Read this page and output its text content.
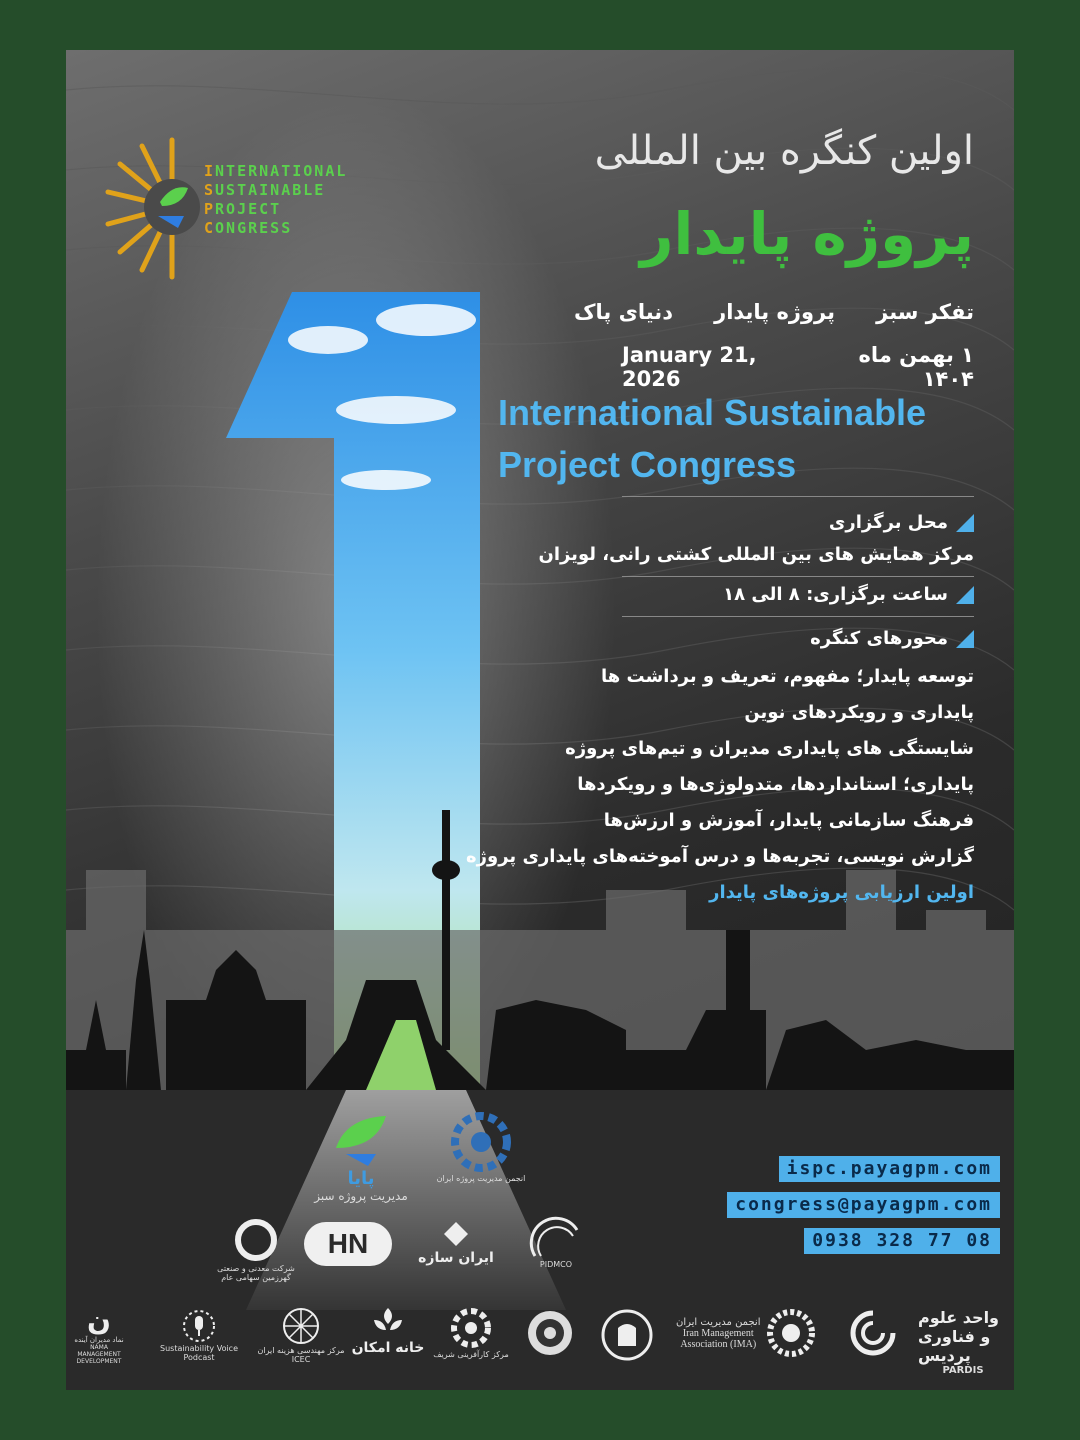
INTERNATIONAL
SUSTAINABLE
PROJECT
CONGRESS
اولین کنگره بین المللی
پروژه پایدار
تفکر سبز
پروژه پایدار
دنیای پاک
January 21, 2026
۱ بهمن ماه ۱۴۰۴
International Sustainable
Project Congress
محل برگزاری
مرکز همایش های بین المللی کشتی رانی، لویزان
ساعت برگزاری: ۸ الی ۱۸
محورهای کنگره
توسعه پایدار؛ مفهوم، تعریف و برداشت ها
پایداری و رویکردهای نوین
شایستگی های پایداری مدیران و تیم‌های پروژه
پایداری؛ استانداردها، متدولوژی‌ها و رویکردها
فرهنگ سازمانی پایدار، آموزش و ارزش‌ها
گزارش نویسی، تجربه‌ها و درس آموخته‌های پایداری پروژه
اولین ارزیابی پروژه‌های پایدار
پایا
مدیریت پروژه سبز
انجمن مدیریت پروژه ایران	ispc.payagpm.com
congress@payagpm.com
0938 328 77 08
شرکت معدنی و صنعتی گهرزمین سهامی عام
HN	ایران سازه	PIDMCO
ن
نماد مدیران آینده
NAMA MANAGEMENT DEVELOPMENT
Sustainability Voice
Podcast
مرکز مهندسی هزینه ایران
ICEC
خانه امکان مرکز کارآفرینی شریف
انجمن مدیریت ایران
Iran Management
Association (IMA)
واحد علوم و فناوری پردیس
PARDIS
